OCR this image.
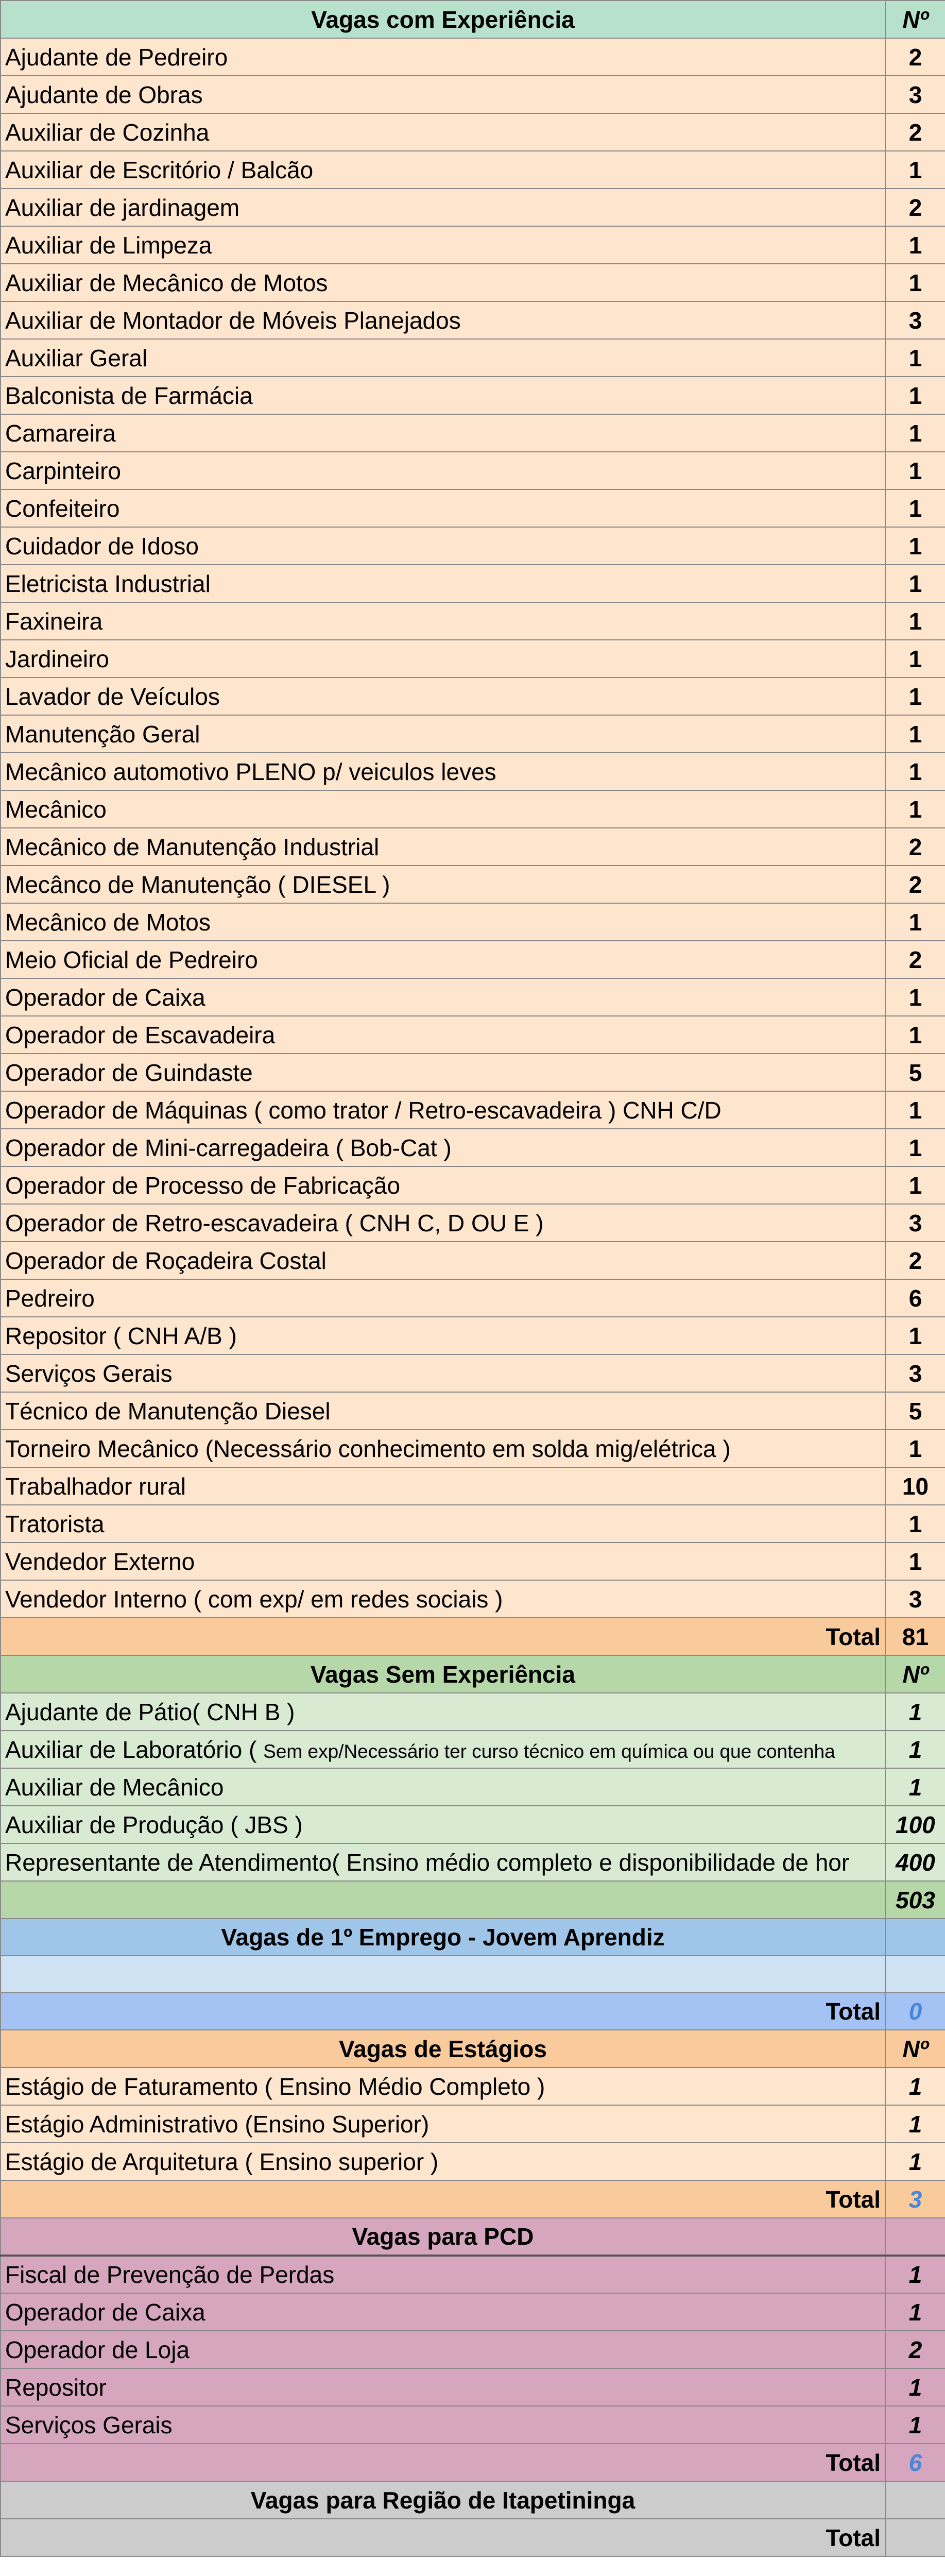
Vagas com Experiência	Nº
Ajudante de Pedreiro	2
Ajudante de Obras	3
Auxiliar de Cozinha	2
Auxiliar de Escritório / Balcão	1
Auxiliar de jardinagem	2
Auxiliar de Limpeza	1
Auxiliar de Mecânico de Motos	1
Auxiliar de Montador de Móveis Planejados	3
Auxiliar Geral	1
Balconista de Farmácia	1
Camareira	1
Carpinteiro	1
Confeiteiro	1
Cuidador de Idoso	1
Eletricista Industrial	1
Faxineira	1
Jardineiro	1
Lavador de Veículos	1
Manutenção Geral	1
Mecânico automotivo PLENO p/ veiculos leves	1
Mecânico	1
Mecânico de Manutenção Industrial	2
Mecânco de Manutenção ( DIESEL )	2
Mecânico de Motos	1
Meio Oficial de Pedreiro	2
Operador de Caixa	1
Operador de Escavadeira	1
Operador de Guindaste	5
Operador de Máquinas ( como trator / Retro-escavadeira ) CNH C/D	1
Operador de Mini-carregadeira ( Bob-Cat )	1
Operador de Processo de Fabricação	1
Operador de Retro-escavadeira ( CNH C, D OU E )	3
Operador de Roçadeira Costal	2
Pedreiro	6
Repositor ( CNH A/B )	1
Serviços Gerais	3
Técnico de Manutenção Diesel	5
Torneiro Mecânico (Necessário conhecimento em solda mig/elétrica )	1
Trabalhador rural	10
Tratorista	1
Vendedor Externo	1
Vendedor Interno ( com exp/ em redes sociais )	3
Total	81
Vagas Sem Experiência	Nº
Ajudante de Pátio( CNH B )	1
Auxiliar de Laboratório ( Sem exp/Necessário ter curso técnico em química ou que contenha	1
Auxiliar de Mecânico	1
Auxiliar de Produção ( JBS )	100
Representante de Atendimento( Ensino médio completo e disponibilidade de hor	400
	503
Vagas de 1º Emprego - Jovem Aprendiz	

Total	0
Vagas de Estágios	Nº
Estágio de Faturamento ( Ensino Médio Completo )	1
Estágio Administrativo (Ensino Superior)	1
Estágio de Arquitetura ( Ensino superior )	1
Total	3
Vagas para PCD	
Fiscal de Prevenção de Perdas	1
Operador de Caixa	1
Operador de Loja	2
Repositor	1
Serviços Gerais	1
Total	6
Vagas para Região de Itapetininga	
Total	
